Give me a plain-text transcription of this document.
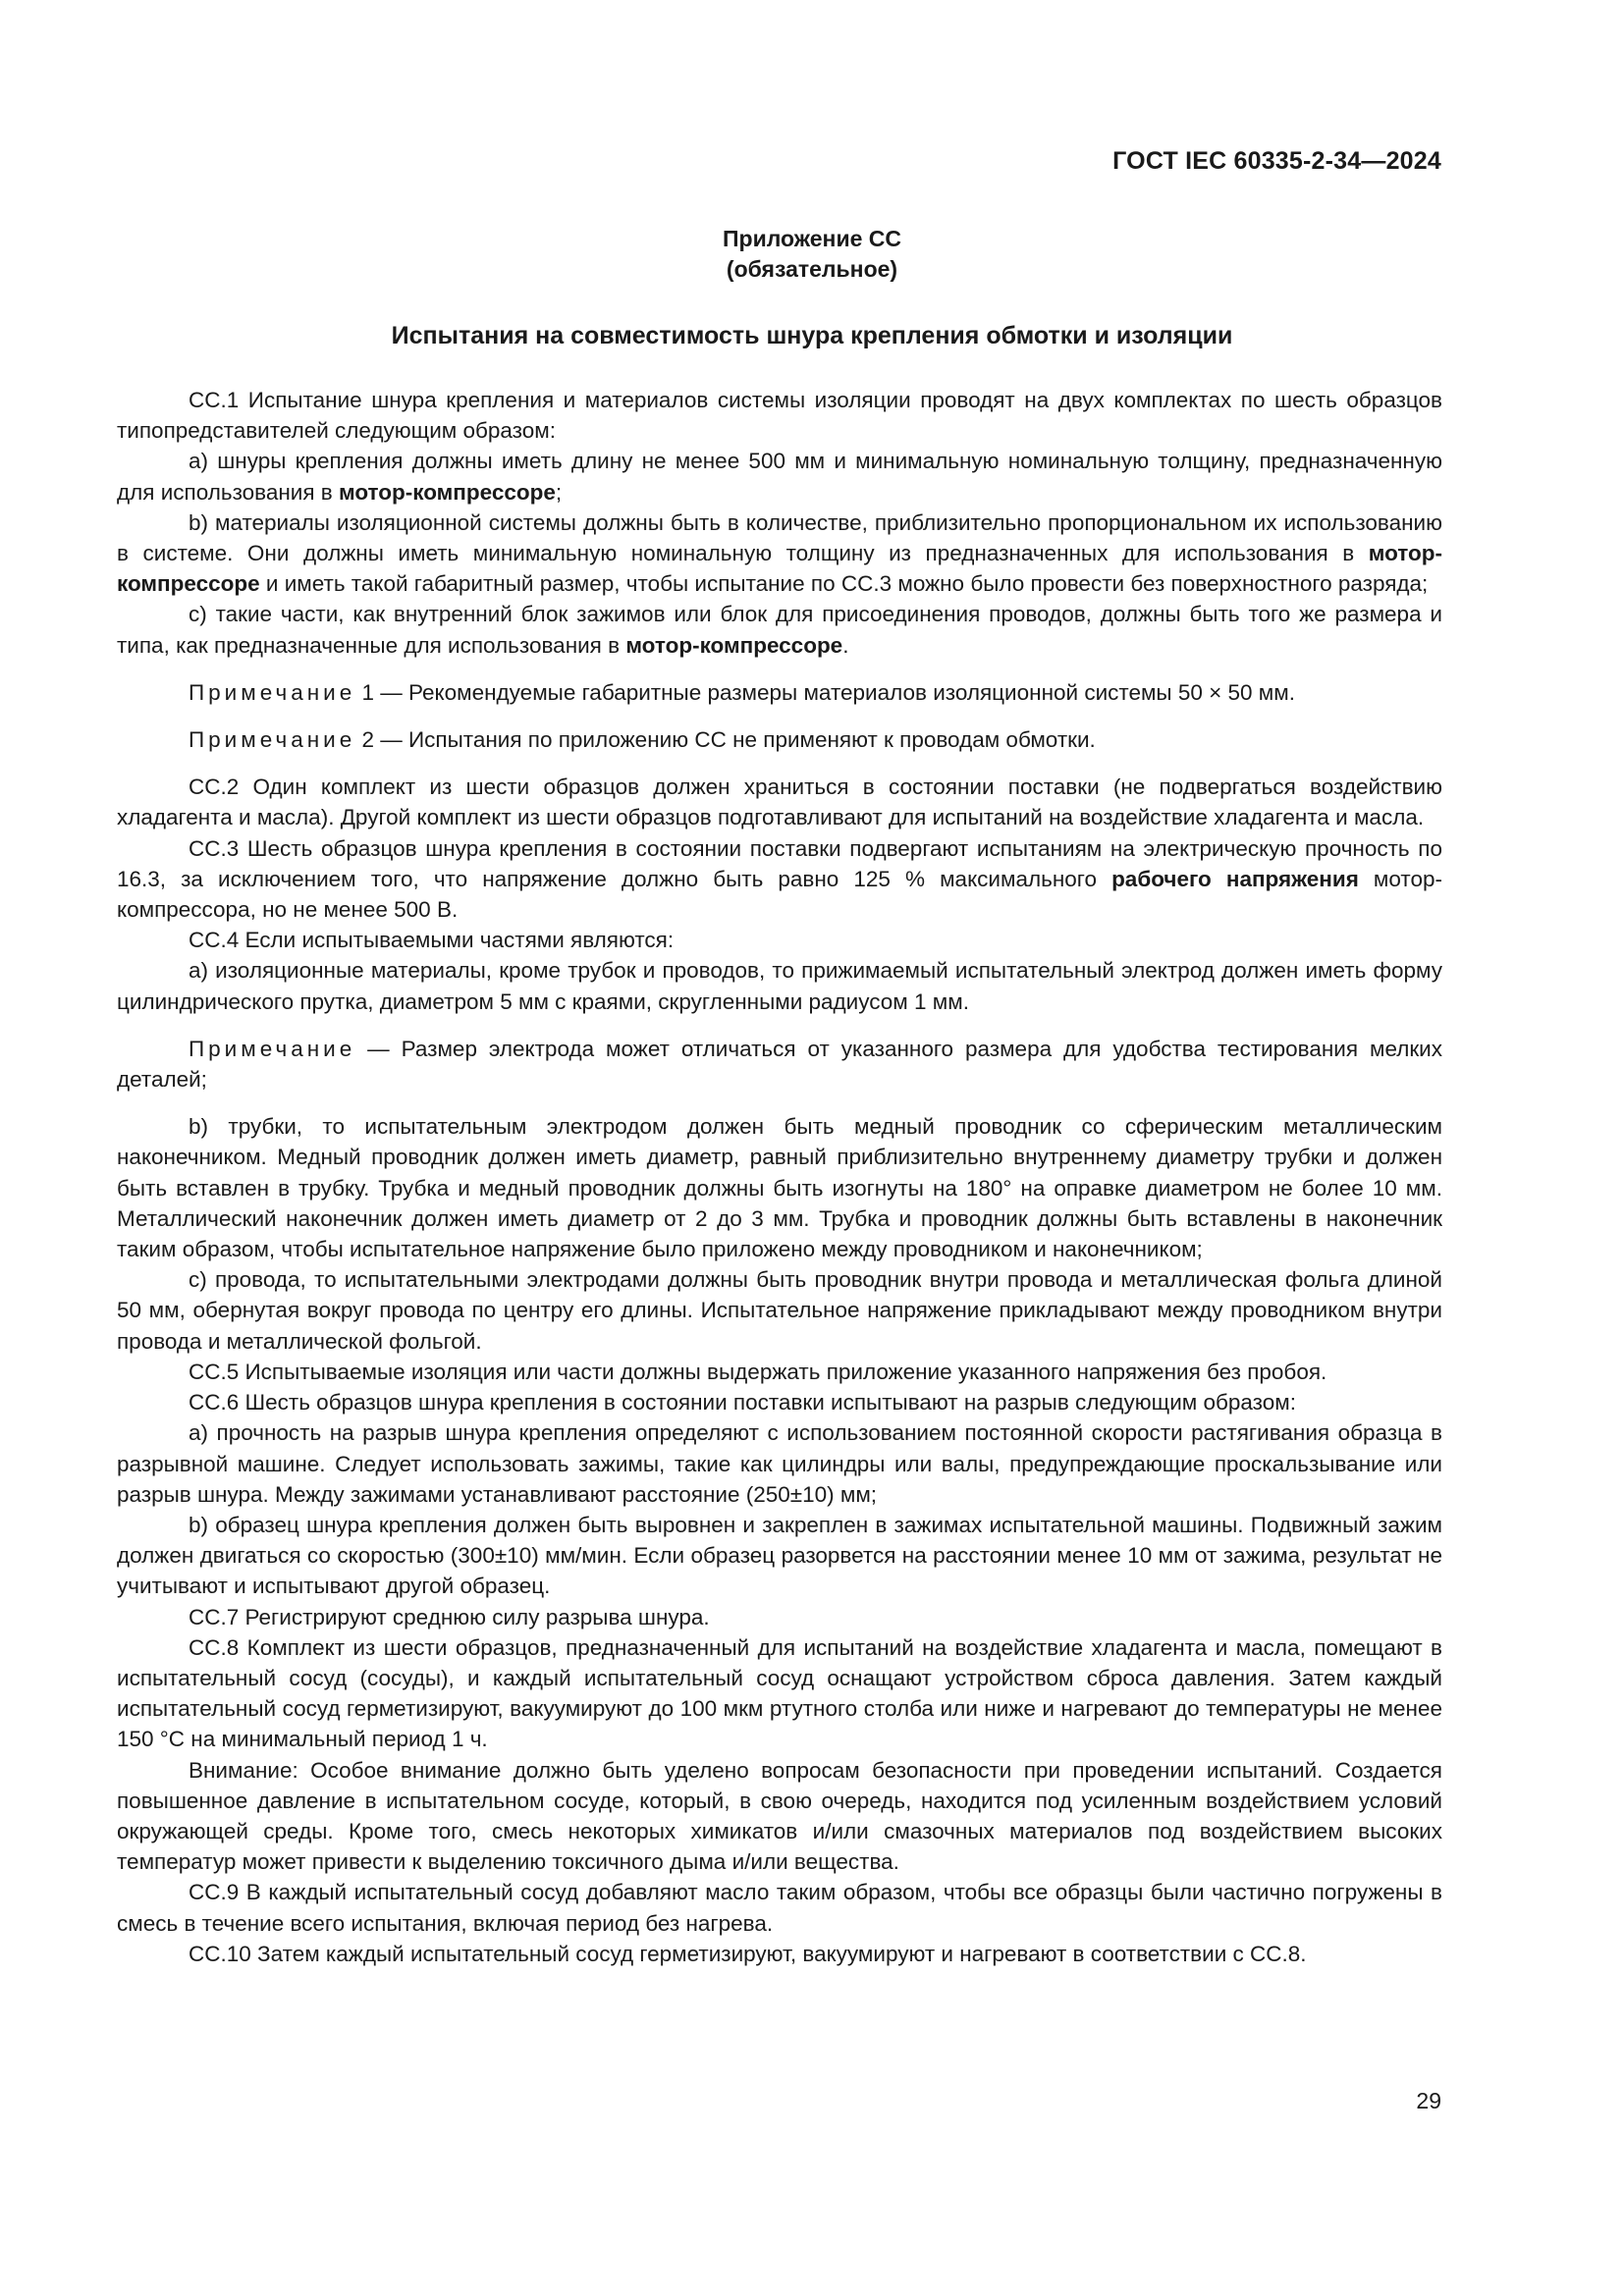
ГОСТ IEC 60335-2-34—2024
Приложение СС
(обязательное)
Испытания на совместимость шнура крепления обмотки и изоляции

СС.1 Испытание шнура крепления и материалов системы изоляции проводят на двух комплектах по шесть образцов типопредставителей следующим образом:

а) шнуры крепления должны иметь длину не менее 500 мм и минимальную номинальную толщину, предназначенную для использования в мотор-компрессоре;

b) материалы изоляционной системы должны быть в количестве, приблизительно пропорциональном их использованию в системе. Они должны иметь минимальную номинальную толщину из предназначенных для использования в мотор-компрессоре и иметь такой габаритный размер, чтобы испытание по СС.3 можно было провести без поверхностного разряда;

с) такие части, как внутренний блок зажимов или блок для присоединения проводов, должны быть того же размера и типа, как предназначенные для использования в мотор-компрессоре.

Примечание 1 — Рекомендуемые габаритные размеры материалов изоляционной системы 50 × 50 мм.

Примечание 2 — Испытания по приложению СС не применяют к проводам обмотки.

СС.2 Один комплект из шести образцов должен храниться в состоянии поставки (не подвергаться воздействию хладагента и масла). Другой комплект из шести образцов подготавливают для испытаний на воздействие хладагента и масла.

СС.3 Шесть образцов шнура крепления в состоянии поставки подвергают испытаниям на электрическую прочность по 16.3, за исключением того, что напряжение должно быть равно 125 % максимального рабочего напряжения мотор-компрессора, но не менее 500 В.

СС.4 Если испытываемыми частями являются:

а) изоляционные материалы, кроме трубок и проводов, то прижимаемый испытательный электрод должен иметь форму цилиндрического прутка, диаметром 5 мм с краями, скругленными радиусом 1 мм.

Примечание — Размер электрода может отличаться от указанного размера для удобства тестирования мелких деталей;

b) трубки, то испытательным электродом должен быть медный проводник со сферическим металлическим наконечником. Медный проводник должен иметь диаметр, равный приблизительно внутреннему диаметру трубки и должен быть вставлен в трубку. Трубка и медный проводник должны быть изогнуты на 180° на оправке диаметром не более 10 мм. Металлический наконечник должен иметь диаметр от 2 до 3 мм. Трубка и проводник должны быть вставлены в наконечник таким образом, чтобы испытательное напряжение было приложено между проводником и наконечником;

с) провода, то испытательными электродами должны быть проводник внутри провода и металлическая фольга длиной 50 мм, обернутая вокруг провода по центру его длины. Испытательное напряжение прикладывают между проводником внутри провода и металлической фольгой.

СС.5 Испытываемые изоляция или части должны выдержать приложение указанного напряжения без пробоя.

СС.6 Шесть образцов шнура крепления в состоянии поставки испытывают на разрыв следующим образом:

а) прочность на разрыв шнура крепления определяют с использованием постоянной скорости растягивания образца в разрывной машине. Следует использовать зажимы, такие как цилиндры или валы, предупреждающие проскальзывание или разрыв шнура. Между зажимами устанавливают расстояние (250±10) мм;

b) образец шнура крепления должен быть выровнен и закреплен в зажимах испытательной машины. Подвижный зажим должен двигаться со скоростью (300±10) мм/мин. Если образец разорвется на расстоянии менее 10 мм от зажима, результат не учитывают и испытывают другой образец.

СС.7 Регистрируют среднюю силу разрыва шнура.

СС.8 Комплект из шести образцов, предназначенный для испытаний на воздействие хладагента и масла, помещают в испытательный сосуд (сосуды), и каждый испытательный сосуд оснащают устройством сброса давления. Затем каждый испытательный сосуд герметизируют, вакуумируют до 100 мкм ртутного столба или ниже и нагревают до температуры не менее 150 °С на минимальный период 1 ч.

Внимание: Особое внимание должно быть уделено вопросам безопасности при проведении испытаний. Создается повышенное давление в испытательном сосуде, который, в свою очередь, находится под усиленным воздействием условий окружающей среды. Кроме того, смесь некоторых химикатов и/или смазочных материалов под воздействием высоких температур может привести к выделению токсичного дыма и/или вещества.

СС.9 В каждый испытательный сосуд добавляют масло таким образом, чтобы все образцы были частично погружены в смесь в течение всего испытания, включая период без нагрева.

СС.10 Затем каждый испытательный сосуд герметизируют, вакуумируют и нагревают в соответствии с СС.8.

29
